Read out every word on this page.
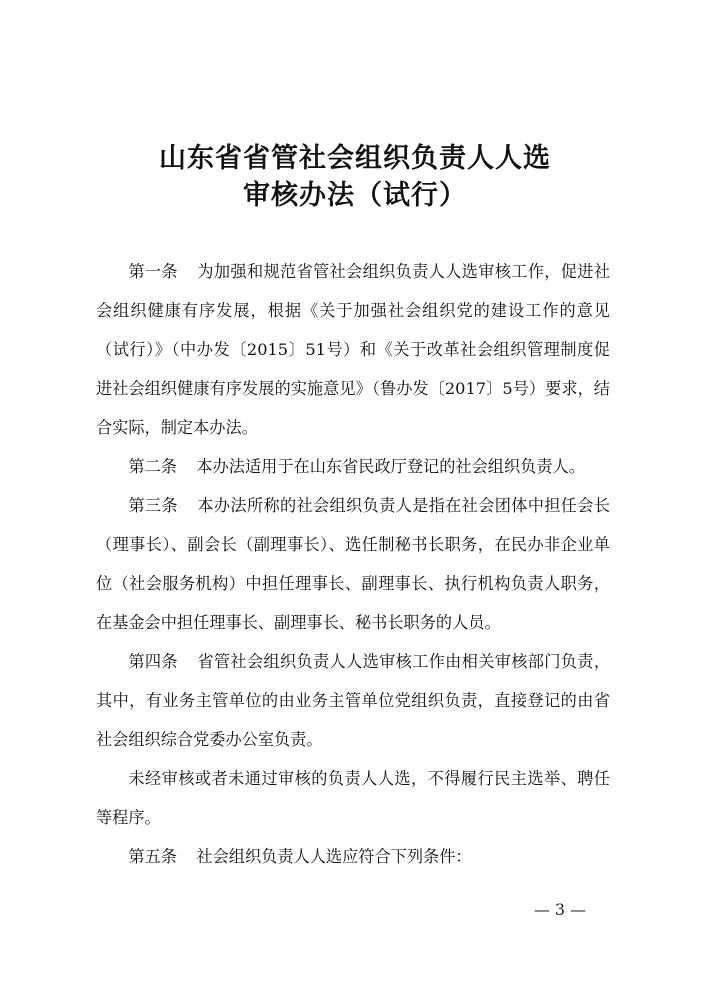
山东省省管社会组织负责人人选
审核办法（试行）

第一条 为加强和规范省管社会组织负责人人选审核工作，促进社会组织健康有序发展，根据《关于加强社会组织党的建设工作的意见（试行）》（中办发〔2015〕51号）和《关于改革社会组织管理制度促进社会组织健康有序发展的实施意见》（鲁办发〔2017〕5号）要求，结合实际，制定本办法。

第二条 本办法适用于在山东省民政厅登记的社会组织负责人。

第三条 本办法所称的社会组织负责人是指在社会团体中担任会长（理事长）、副会长（副理事长）、选任制秘书长职务，在民办非企业单位（社会服务机构）中担任理事长、副理事长、执行机构负责人职务，在基金会中担任理事长、副理事长、秘书长职务的人员。

第四条 省管社会组织负责人人选审核工作由相关审核部门负责，其中，有业务主管单位的由业务主管单位党组织负责，直接登记的由省社会组织综合党委办公室负责。

未经审核或者未通过审核的负责人人选，不得履行民主选举、聘任等程序。

第五条 社会组织负责人人选应符合下列条件：

— 3 —
